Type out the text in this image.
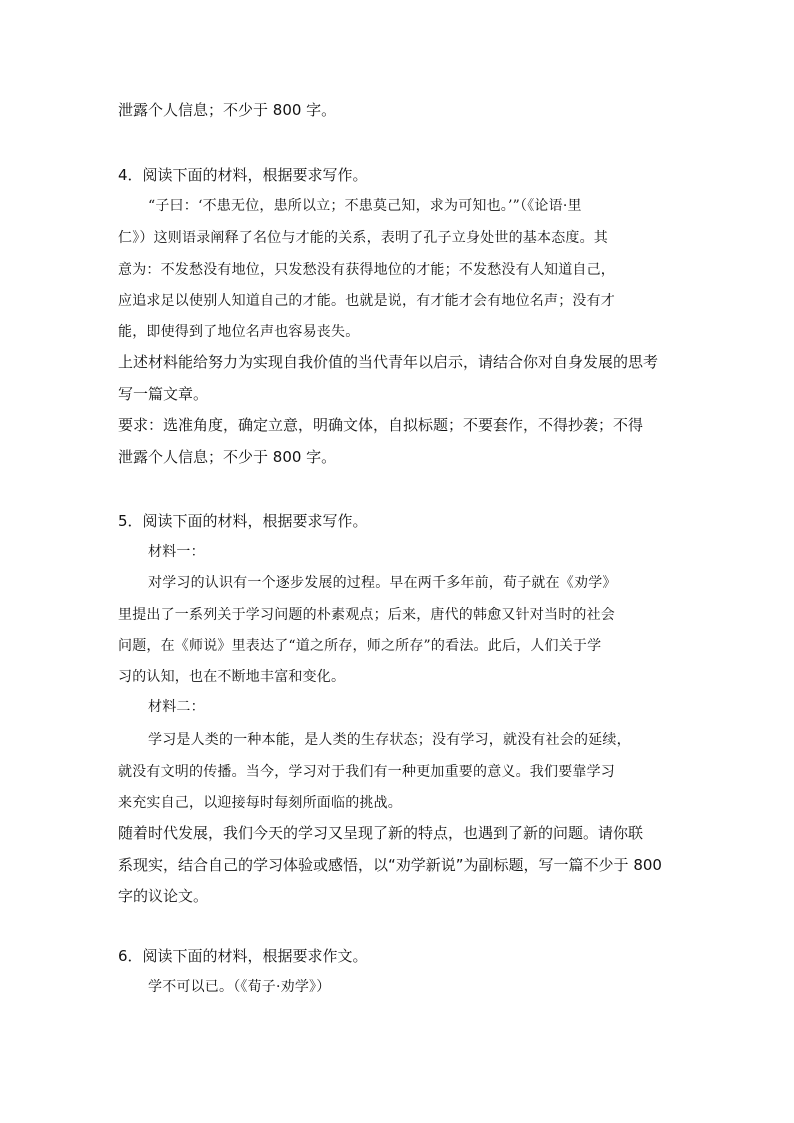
泄露个人信息；不少于 800 字。
4．阅读下面的材料，根据要求写作。
“子曰：‘不患无位，患所以立；不患莫己知，求为可知也。’”（《论语·里
仁》）这则语录阐释了名位与才能的关系，表明了孔子立身处世的基本态度。其
意为：不发愁没有地位，只发愁没有获得地位的才能；不发愁没有人知道自己，
应追求足以使别人知道自己的才能。也就是说，有才能才会有地位名声；没有才
能，即使得到了地位名声也容易丧失。
上述材料能给努力为实现自我价值的当代青年以启示，请结合你对自身发展的思考
写一篇文章。
要求：选准角度，确定立意，明确文体，自拟标题；不要套作，不得抄袭；不得
泄露个人信息；不少于 800 字。
5．阅读下面的材料，根据要求写作。
材料一：
对学习的认识有一个逐步发展的过程。早在两千多年前，荀子就在《劝学》
里提出了一系列关于学习问题的朴素观点；后来，唐代的韩愈又针对当时的社会
问题，在《师说》里表达了“道之所存，师之所存”的看法。此后，人们关于学
习的认知，也在不断地丰富和变化。
材料二：
学习是人类的一种本能，是人类的生存状态；没有学习，就没有社会的延续，
就没有文明的传播。当今，学习对于我们有一种更加重要的意义。我们要靠学习
来充实自己，以迎接每时每刻所面临的挑战。
随着时代发展，我们今天的学习又呈现了新的特点，也遇到了新的问题。请你联
系现实，结合自己的学习体验或感悟，以“劝学新说”为副标题，写一篇不少于 800
字的议论文。
6．阅读下面的材料，根据要求作文。
学不可以已。（《荀子·劝学》）
